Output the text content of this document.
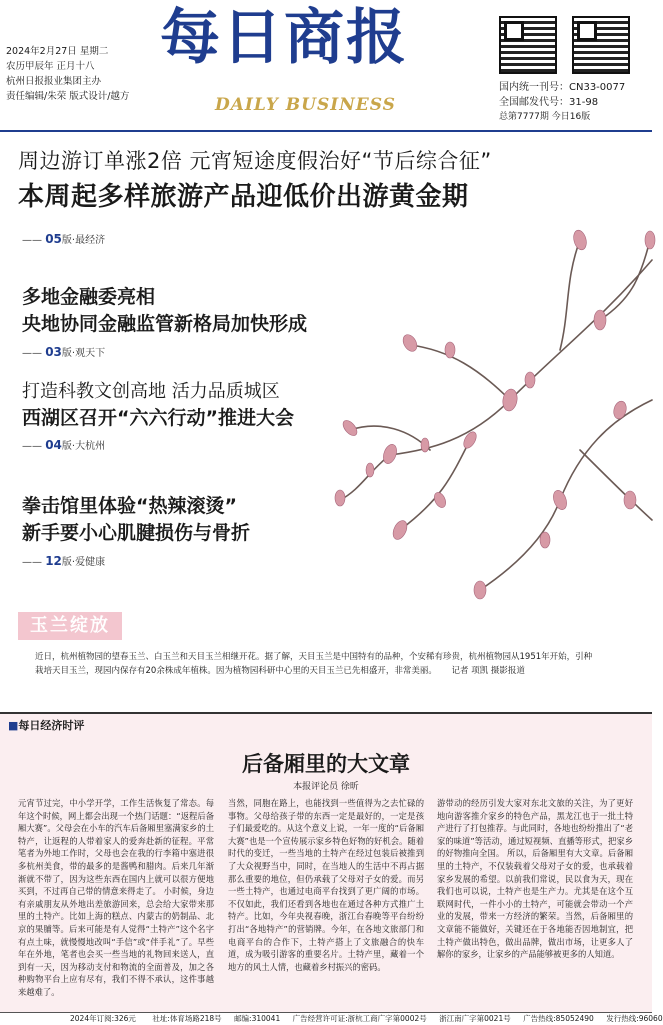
2024年2月27日 星期二
农历甲辰年 正月十八
杭州日报报业集团主办
责任编辑/朱荣 版式设计/越方
每日商报
DAILY BUSINESS
国内统一刊号：CN33-0077
全国邮发代号：31-98
总第7777期 今日16版
周边游订单涨2倍 元宵短途度假治好“节后综合征”
本周起多样旅游产品迎低价出游黄金期
—— 05版·最经济
多地金融委亮相
央地协同金融监管新格局加快形成
—— 03版·观天下
打造科教文创高地 活力品质城区
西湖区召开“六六行动”推进大会
—— 04版·大杭州
拳击馆里体验“热辣滚烫”
新手要小心肌腱损伤与骨折
—— 12版·爱健康
玉兰绽放
近日，杭州植物园的望春玉兰、白玉兰和天目玉兰相继开花。据了解，天目玉兰是中国特有的品种，个安稀有珍贵，杭州植物园从1951年开始，引种栽培天目玉兰，现园内保存有20余株成年植株。因为植物园科研中心里的天目玉兰已先相盛开，非常美丽。 记者 项凯 摄影报道
■每日经济时评
后备厢里的大文章
本报评论员 徐昕
元宵节过完，中小学开学，工作生活恢复了常态。每年这个时候，网上都会出现一个热门话题：“返程后备厢大赛”。父母会在小车的汽车后备厢里塞满家乡的土特产，让返程的人带着家人的爱奔赴新的征程。平常笔者为外地工作时，父母也会在我的行李箱中塞进很多杭州美食，带的最多的是酱鸭和腊肉。后来几年渐渐就不带了，因为这些东西在国内上就可以很方便地买到，不过再自己带的情意来得走了。 小时候，身边有亲戚朋友从外地出差旅游回来，总会给大家带来那里的土特产。比如上海的糕点、内蒙古的奶制品、北京的果脯等。后来可能是有人觉得“土特产”这个名字有点土味，就慢慢地改叫“手信”或“伴手礼”了。早些年在外地，笔者也会买一些当地的礼物回来送人，直到有一天，因为移动支付和物流的全面普及，加之各种购物平台上应有尽有，我们不得不承认，这件事越来越难了。
当然，同胞在路上，也能找到一些值得为之去忙碌的事物。父母给孩子带的东西一定是最好的，一定是孩子们最爱吃的。从这个意义上说，一年一度的“后备厢大赛”也是一个宣传展示家乡特色好物的好机会。随着时代的变迁，一些当地的土特产在经过包装后被推到了大众视野当中，同时，在当地人的生活中不再占据那么重要的地位，但仍承载了父母对子女的爱。而另一些土特产，也通过电商平台找到了更广阔的市场。 不仅如此，我们还看到各地也在通过各种方式推广土特产。比如，今年央视春晚，浙江台春晚等平台纷纷打出“各地特产”的营销牌。今年，在各地文旅部门和电商平台的合作下，土特产搭上了文旅融合的快车道，成为吸引游客的重要名片。土特产里，藏着一个地方的风土人情，也藏着乡村振兴的密码。
游带动的经历引发大家对东北文旅的关注，为了更好地向游客推介家乡的特色产品，黑龙江也于一批土特产进行了打包推荐。与此同时，各地也纷纷推出了“老家的味道”等活动，通过短视频、直播等形式，把家乡的好物推向全国。 所以，后备厢里有大文章。后备厢里的土特产，不仅装载着父母对子女的爱，也承载着家乡发展的希望。以前我们常说，民以食为天，现在我们也可以说，土特产也是生产力。尤其是在这个互联网时代，一件小小的土特产，可能就会带动一个产业的发展，带来一方经济的繁荣。当然，后备厢里的文章能不能做好，关键还在于各地能否因地制宜，把土特产做出特色，做出品牌，做出市场，让更多人了解你的家乡，让家乡的产品能够被更多的人知道。
2024年订阅:326元 社址:体育场路218号 邮编:310041 广告经营许可证:浙杭工商广字第0002号 浙江南广字第0021号 广告热线:85052490 发行热线:96060
